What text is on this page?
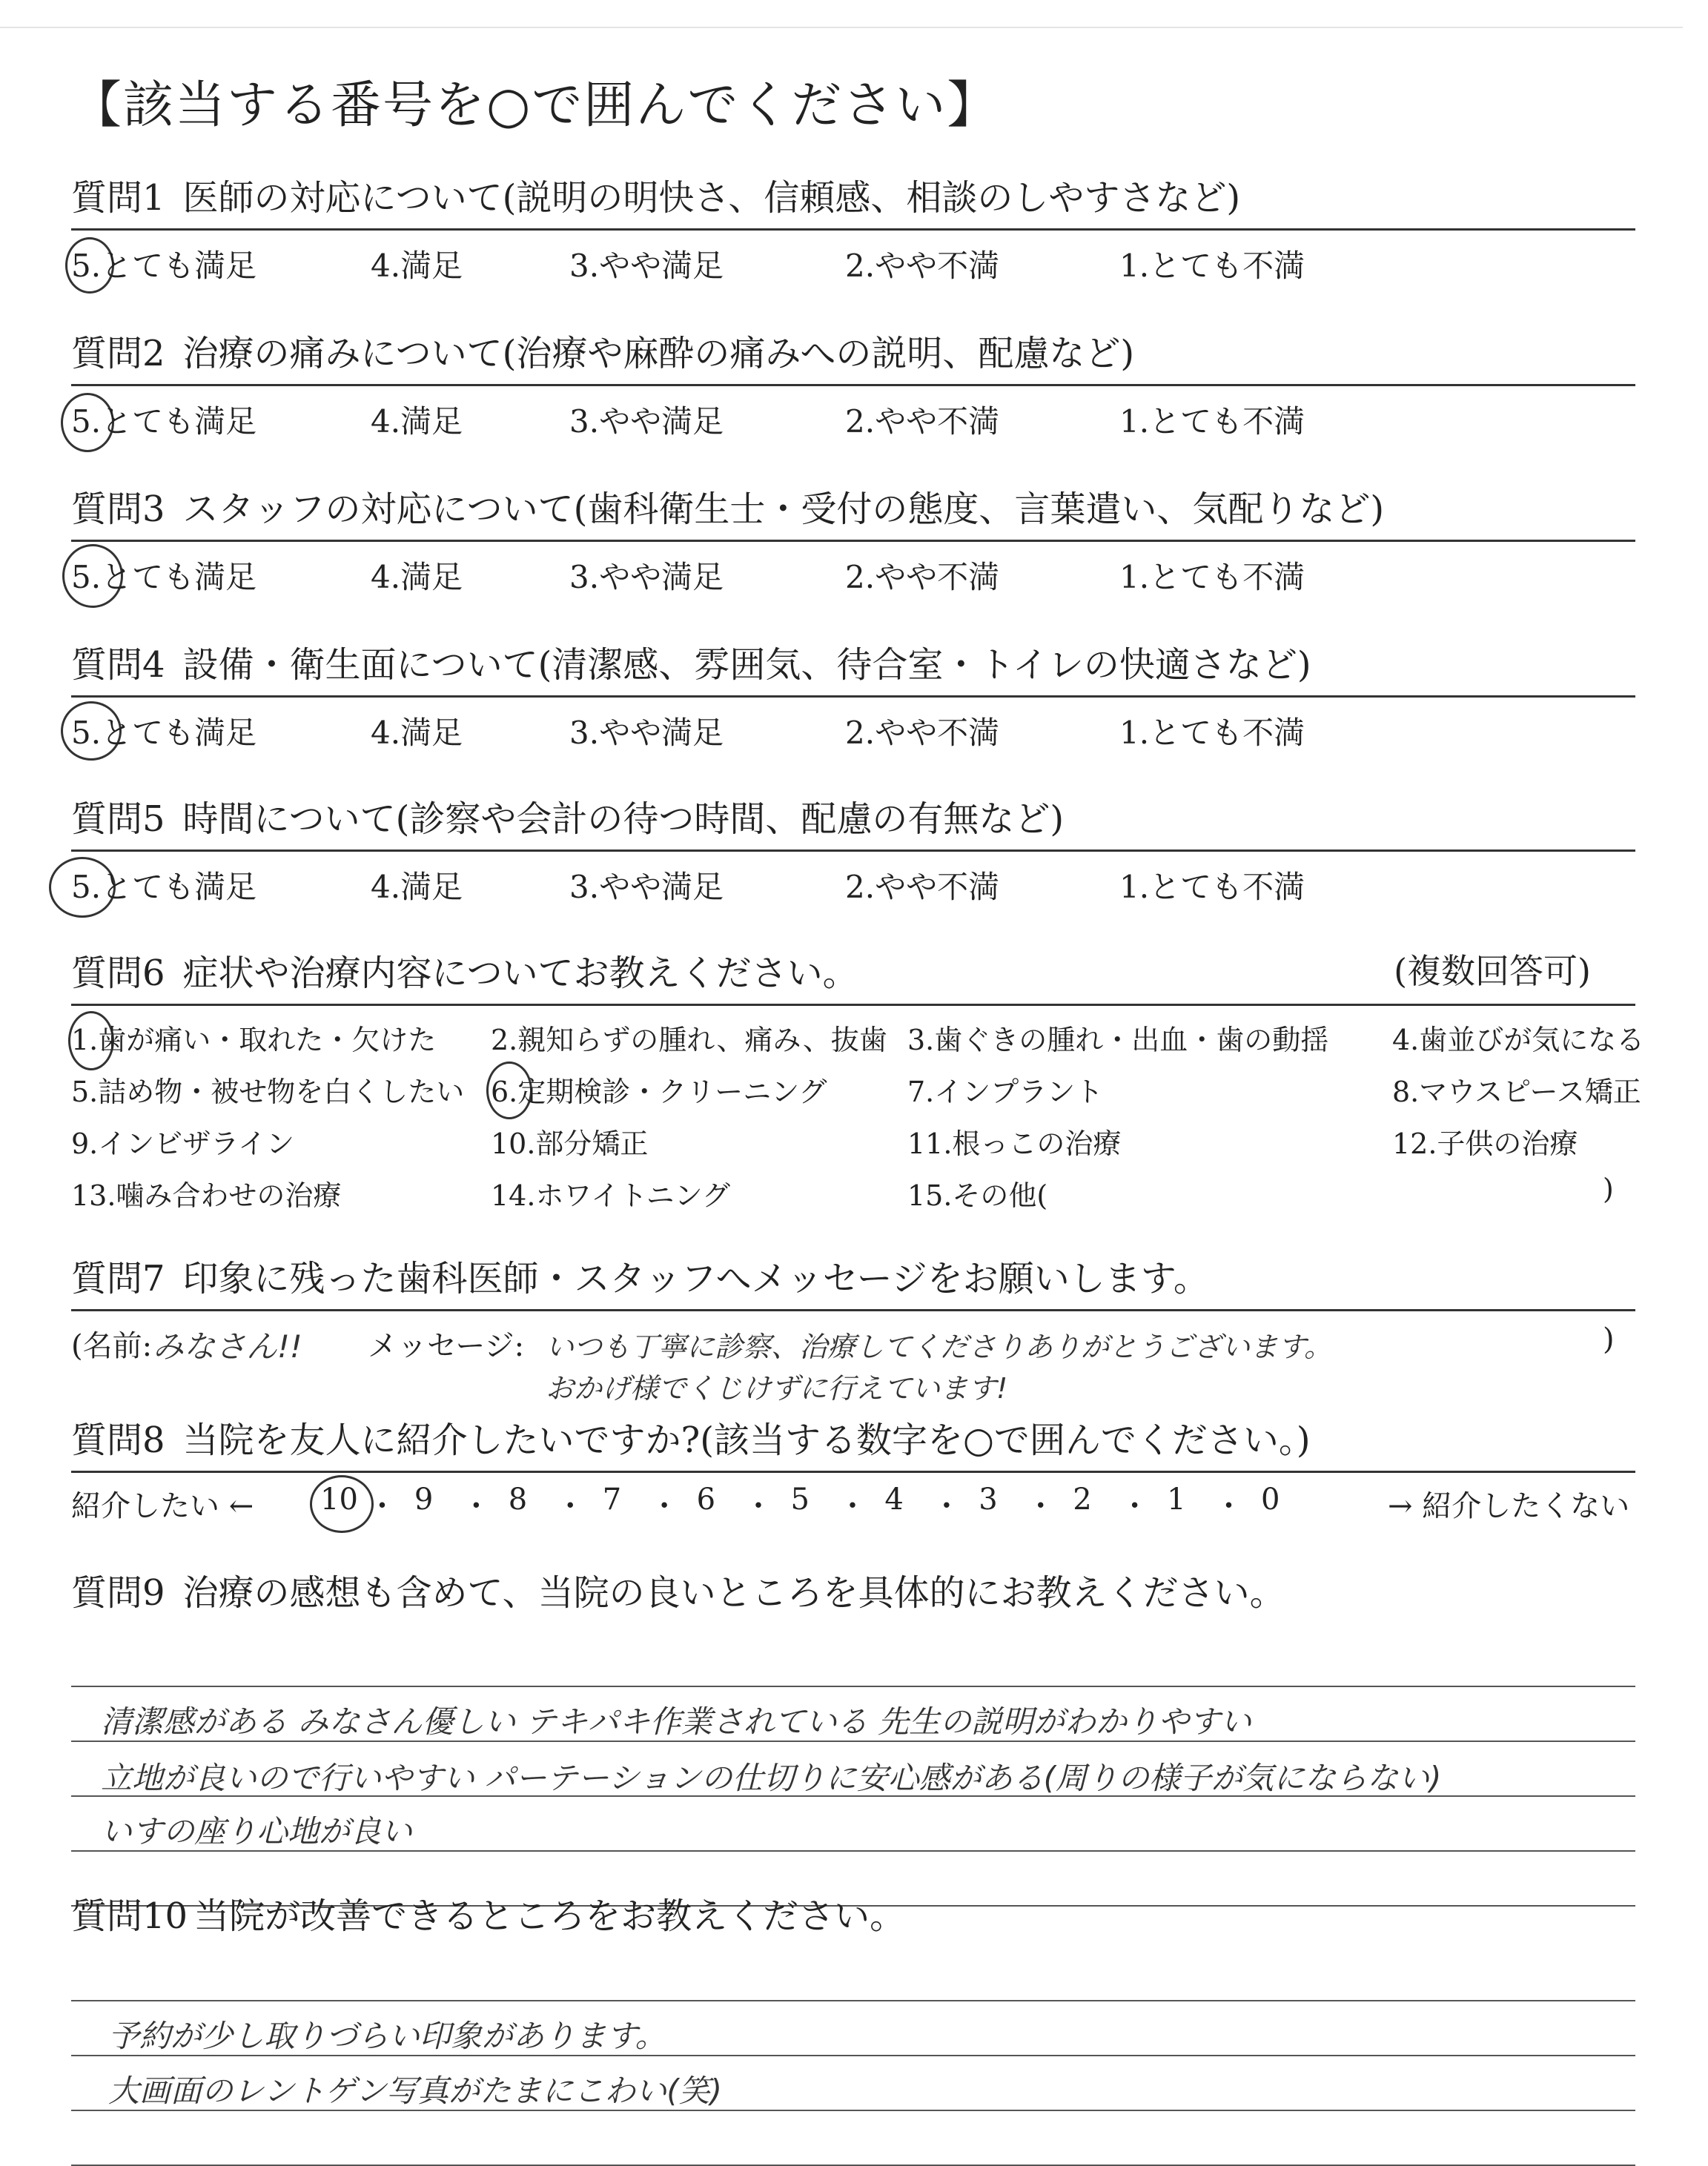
【該当する番号を○で囲んでください】
質問1 医師の対応について(説明の明快さ、信頼感、相談のしやすさなど)
5.とても満足	4.満足	3.やや満足	2.やや不満	1.とても不満
質問2 治療の痛みについて(治療や麻酔の痛みへの説明、配慮など)
5.とても満足	4.満足	3.やや満足	2.やや不満	1.とても不満
質問3 スタッフの対応について(歯科衛生士・受付の態度、言葉遣い、気配りなど)
5.とても満足	4.満足	3.やや満足	2.やや不満	1.とても不満
質問4 設備・衛生面について(清潔感、雰囲気、待合室・トイレの快適さなど)
5.とても満足	4.満足	3.やや満足	2.やや不満	1.とても不満
質問5 時間について(診察や会計の待つ時間、配慮の有無など)
5.とても満足	4.満足	3.やや満足	2.やや不満	1.とても不満
質問6 症状や治療内容についてお教えください。	(複数回答可)
1.歯が痛い・取れた・欠けた 2.親知らずの腫れ、痛み、抜歯 3.歯ぐきの腫れ・出血・歯の動揺 4.歯並びが気になる
5.詰め物・被せ物を白くしたい 6.定期検診・クリーニング	7.インプラント	8.マウスピース矯正
9.インビザライン	10.部分矯正	11.根っこの治療	12.子供の治療
13.噛み合わせの治療	14.ホワイトニング	15.その他(	)
質問7 印象に残った歯科医師・スタッフへメッセージをお願いします。
(名前: みなさん!! メッセージ: いつも丁寧に診察、治療してくださりありがとうございます。
おかげ様でくじけずに行えています!
)
質問8 当院を友人に紹介したいですか?(該当する数字を○で囲んでください。)
紹介したい ← 10 ・ 9 ・ 8 ・ 7 ・ 6 ・ 5 ・ 4 ・ 3 ・ 2 ・ 1 ・ 0	→ 紹介したくない
質問9 治療の感想も含めて、当院の良いところを具体的にお教えください。
清潔感がある みなさん優しい テキパキ作業されている 先生の説明がわかりやすい
立地が良いので行いやすい パーテーションの仕切りに安心感がある(周りの様子が気にならない)
いすの座り心地が良い
質問10 当院が改善できるところをお教えください。
予約が少し取りづらい印象があります。
大画面のレントゲン写真がたまにこわい(笑)
